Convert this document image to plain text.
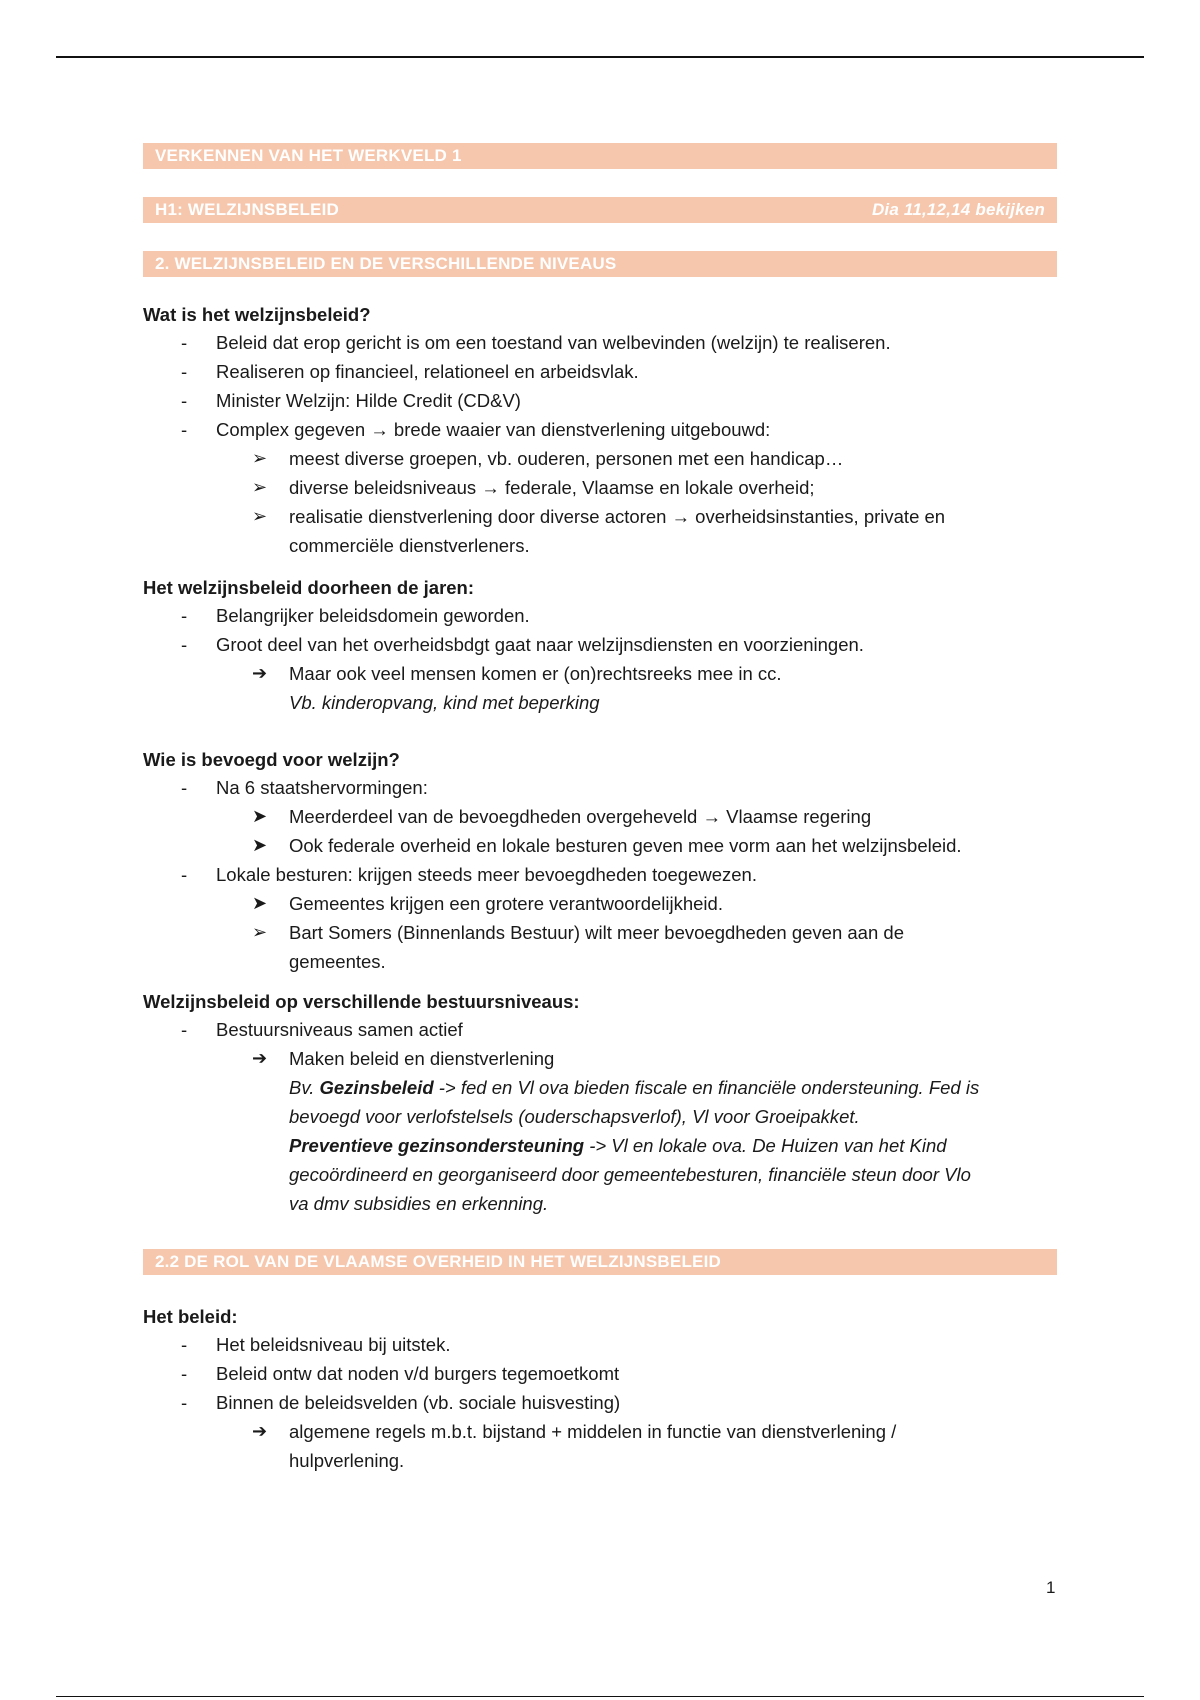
VERKENNEN VAN HET WERKVELD 1
H1: WELZIJNSBELEID	Dia 11,12,14 bekijken
2. WELZIJNSBELEID EN DE VERSCHILLENDE NIVEAUS
Wat is het welzijnsbeleid?
- Beleid dat erop gericht is om een toestand van welbevinden (welzijn) te realiseren.
- Realiseren op financieel, relationeel en arbeidsvlak.
- Minister Welzijn: Hilde Credit (CD&V)
- Complex gegeven → brede waaier van dienstverlening uitgebouwd:
➢ meest diverse groepen, vb. ouderen, personen met een handicap…
➢ diverse beleidsniveaus → federale, Vlaamse en lokale overheid;
➢ realisatie dienstverlening door diverse actoren → overheidsinstanties, private en
commerciële dienstverleners.
Het welzijnsbeleid doorheen de jaren:
- Belangrijker beleidsdomein geworden.
- Groot deel van het overheidsbdgt gaat naar welzijnsdiensten en voorzieningen.
➔ Maar ook veel mensen komen er (on)rechtsreeks mee in cc.
Vb. kinderopvang, kind met beperking
Wie is bevoegd voor welzijn?
- Na 6 staatshervormingen:
➤ Meerderdeel van de bevoegdheden overgeheveld → Vlaamse regering
➤ Ook federale overheid en lokale besturen geven mee vorm aan het welzijnsbeleid.
- Lokale besturen: krijgen steeds meer bevoegdheden toegewezen.
➤ Gemeentes krijgen een grotere verantwoordelijkheid.
➢ Bart Somers (Binnenlands Bestuur) wilt meer bevoegdheden geven aan de
gemeentes.
Welzijnsbeleid op verschillende bestuursniveaus:
- Bestuursniveaus samen actief
➔ Maken beleid en dienstverlening
Bv. Gezinsbeleid -> fed en Vl ova bieden fiscale en financiële ondersteuning. Fed is
bevoegd voor verlofstelsels (ouderschapsverlof), Vl voor Groeipakket.
Preventieve gezinsondersteuning -> Vl en lokale ova. De Huizen van het Kind
gecoördineerd en georganiseerd door gemeentebesturen, financiële steun door Vlo
va dmv subsidies en erkenning.
2.2 DE ROL VAN DE VLAAMSE OVERHEID IN HET WELZIJNSBELEID
Het beleid:
- Het beleidsniveau bij uitstek.
- Beleid ontw dat noden v/d burgers tegemoetkomt
- Binnen de beleidsvelden (vb. sociale huisvesting)
➔ algemene regels m.b.t. bijstand + middelen in functie van dienstverlening /
hulpverlening.
1
